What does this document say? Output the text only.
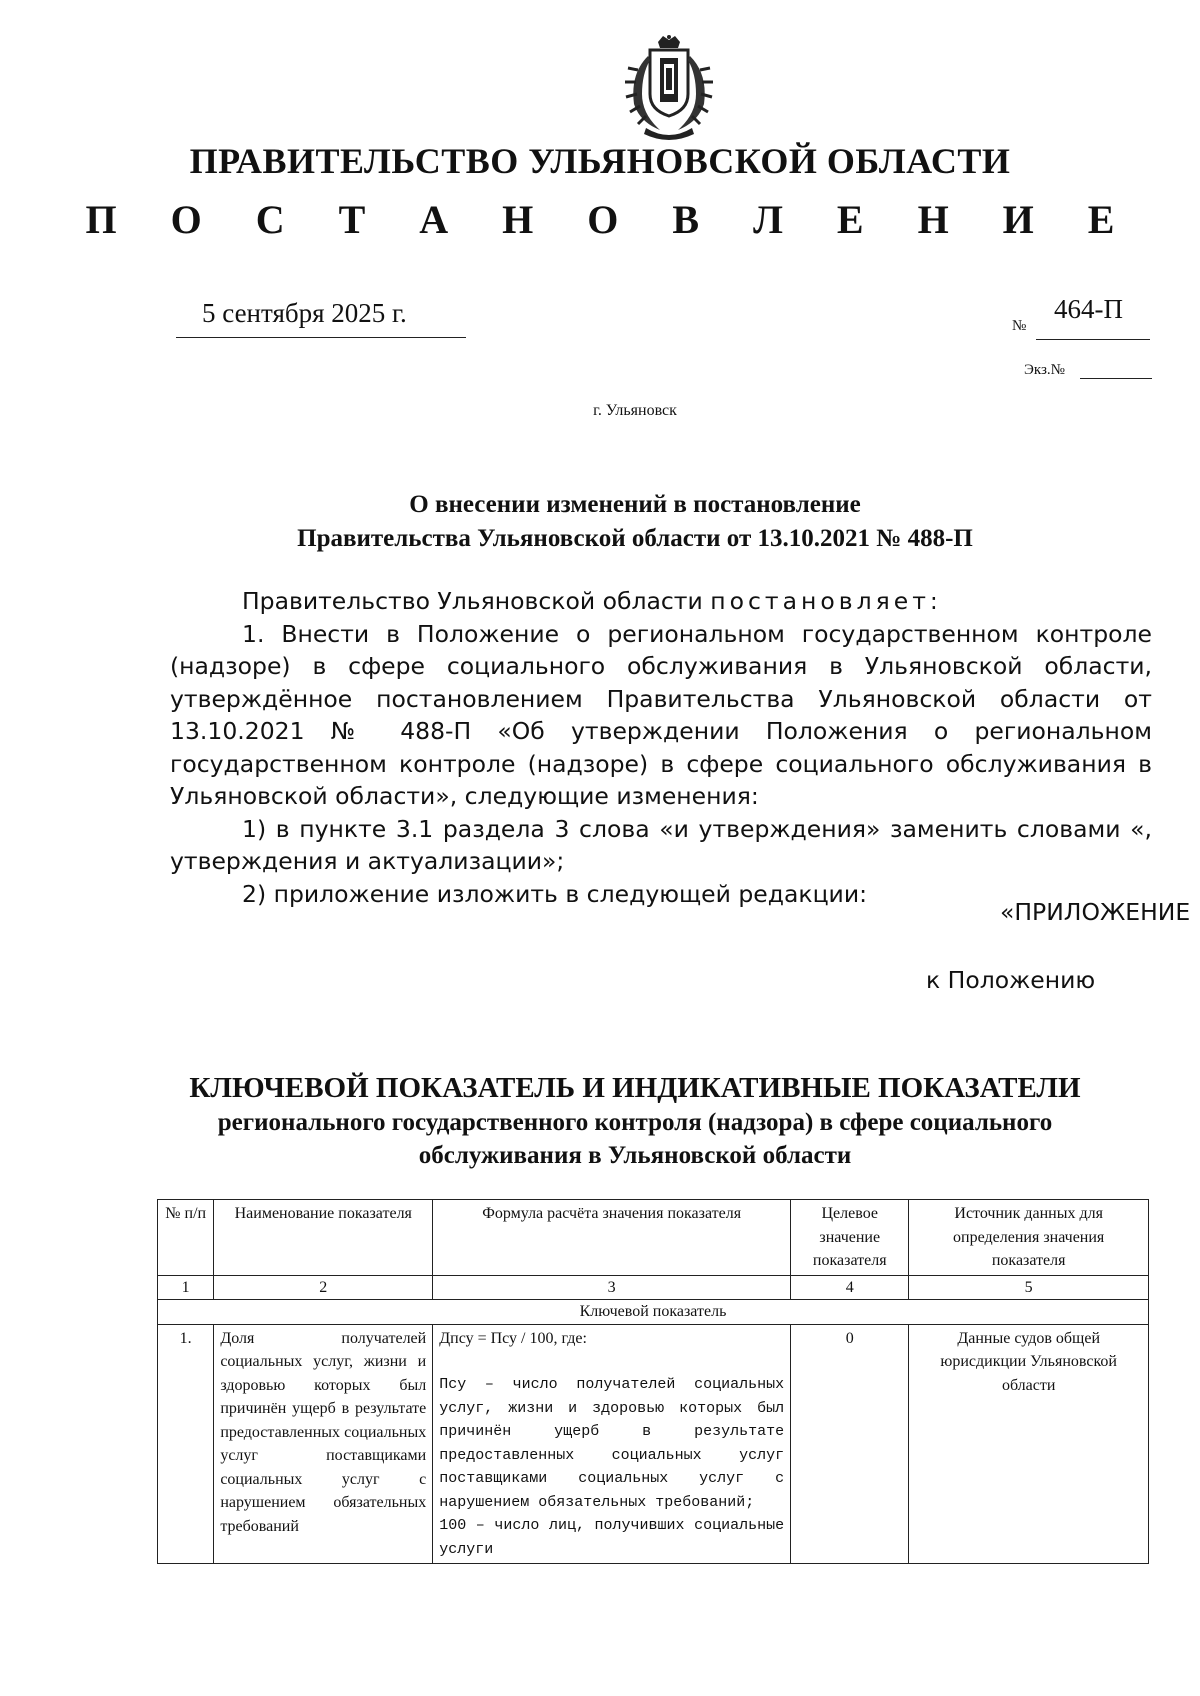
ПРАВИТЕЛЬСТВО УЛЬЯНОВСКОЙ ОБЛАСТИ
П О С Т А Н О В Л Е Н И Е
5 сентября 2025 г.	№
464-П
Экз.№
г. Ульяновск
О внесении изменений в постановление
Правительства Ульяновской области от 13.10.2021 № 488-П

Правительство Ульяновской области постановляет:

1. Внести в Положение о региональном государственном контроле (надзоре) в сфере социального обслуживания в Ульяновской области, утверждённое постановлением Правительства Ульяновской области от 13.10.2021 № 488-П «Об утверждении Положения о региональном государственном контроле (надзоре) в сфере социального обслуживания в Ульяновской области», следующие изменения:

1) в пункте 3.1 раздела 3 слова «и утверждения» заменить словами «, утверждения и актуализации»;

2) приложение изложить в следующей редакции:

«ПРИЛОЖЕНИЕ
к Положению
КЛЮЧЕВОЙ ПОКАЗАТЕЛЬ И ИНДИКАТИВНЫЕ ПОКАЗАТЕЛИ
регионального государственного контроля (надзора) в сфере социального
обслуживания в Ульяновской области
№ п/п	Наименование показателя	Формула расчёта значения показателя	Целевое значение показателя	Источник данных для определения значения показателя
1	2	3	4	5
Ключевой показатель				
1.	Доля получателей социальных услуг, жизни и здоровью которых был причинён ущерб в результате предоставленных социальных услуг поставщиками социальных услуг с нарушением обязательных требований	Дпсу = Псу / 100, где:
Псу – число получателей социальных услуг, жизни и здоровью которых был причинён ущерб в результате предоставленных социальных услуг поставщиками социальных услуг с нарушением обязательных требований;
100 – число лиц, получивших социальные услуги	0	Данные судов общей юрисдикции Ульяновской области
